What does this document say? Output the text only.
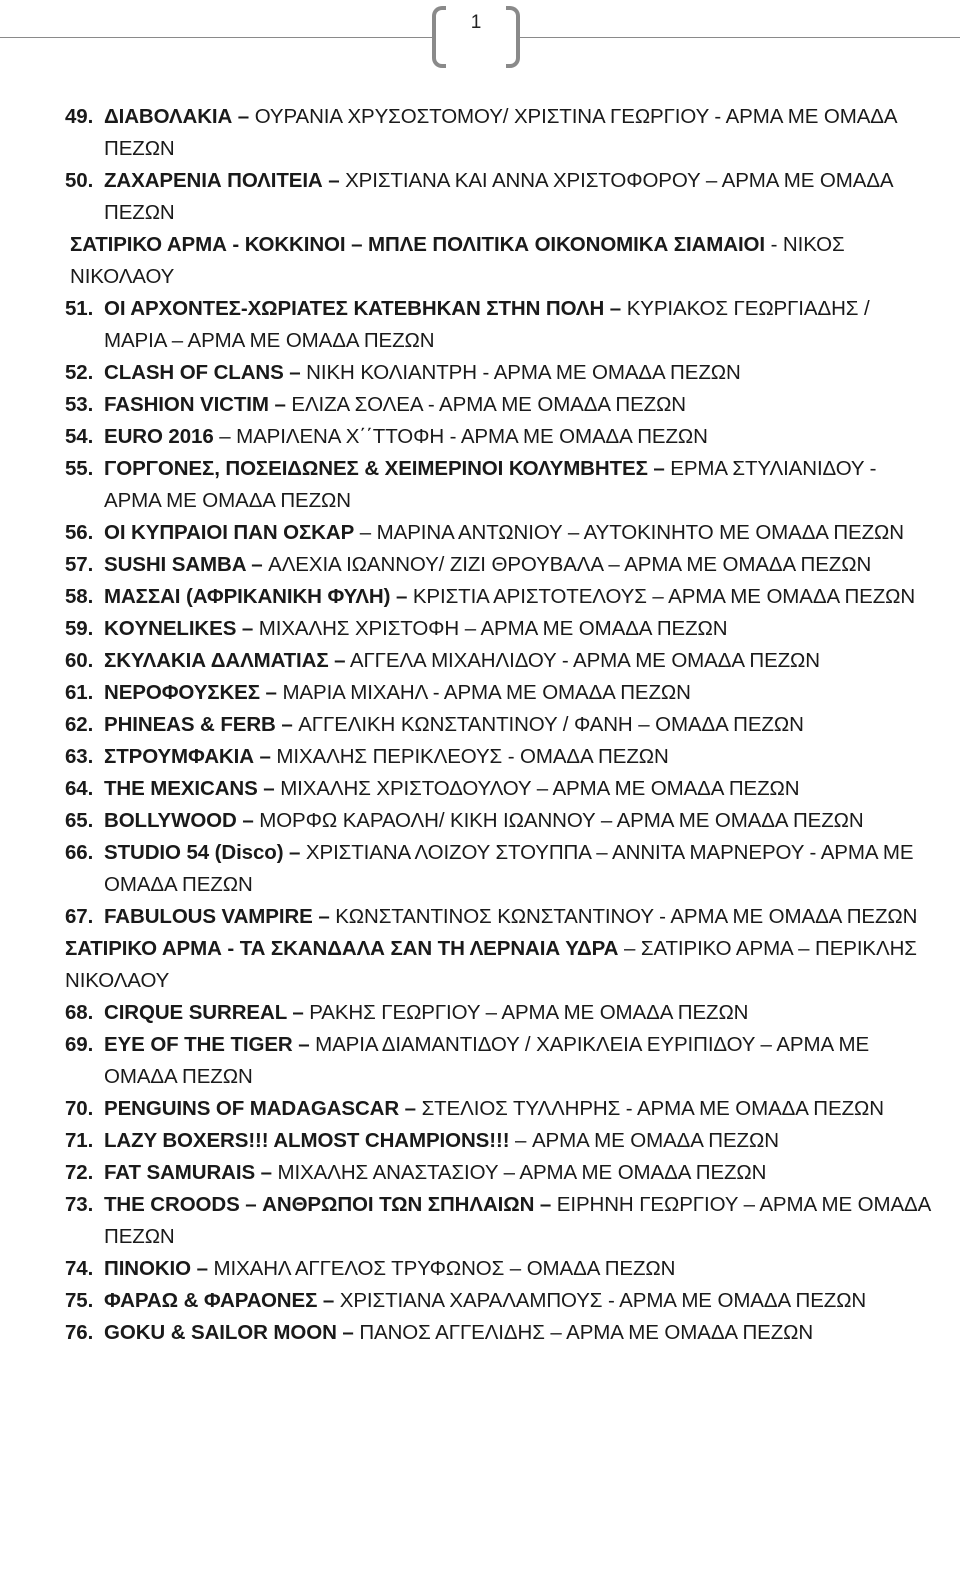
1
49. ΔΙΑΒΟΛΑΚΙΑ – ΟΥΡΑΝΙΑ ΧΡΥΣΟΣΤΟΜΟΥ/ ΧΡΙΣΤΙΝΑ ΓΕΩΡΓΙΟΥ - ΑΡΜΑ ΜΕ ΟΜΑΔΑ ΠΕΖΩΝ
50. ΖΑΧΑΡΕΝΙΑ ΠΟΛΙΤΕΙΑ – ΧΡΙΣΤΙΑΝΑ ΚΑΙ ΑΝΝΑ ΧΡΙΣΤΟΦΟΡΟΥ – ΑΡΜΑ ΜΕ ΟΜΑΔΑ ΠΕΖΩΝ
ΣΑΤΙΡΙΚΟ ΑΡΜΑ - ΚΟΚΚΙΝΟΙ – ΜΠΛΕ ΠΟΛΙΤΙΚΑ ΟΙΚΟΝΟΜΙΚΑ ΣΙΑΜΑΙΟΙ - ΝΙΚΟΣ ΝΙΚΟΛΑΟΥ
51. ΟΙ ΑΡΧΟΝΤΕΣ-ΧΩΡΙΑΤΕΣ ΚΑΤΕΒΗΚΑΝ ΣΤΗΝ ΠΟΛΗ – ΚΥΡΙΑΚΟΣ ΓΕΩΡΓΙΑΔΗΣ / ΜΑΡΙΑ – ΑΡΜΑ ΜΕ ΟΜΑΔΑ ΠΕΖΩΝ
52. CLASH OF CLANS – ΝΙΚΗ ΚΟΛΙΑΝΤΡΗ - ΑΡΜΑ ΜΕ ΟΜΑΔΑ ΠΕΖΩΝ
53. FASHION VICTIM – ΕΛΙΖΑ ΣΟΛΕΑ - ΑΡΜΑ ΜΕ ΟΜΑΔΑ ΠΕΖΩΝ
54. EURO 2016 – ΜΑΡΙΛΕΝΑ Χ΄΄ΤΤΟΦΗ - ΑΡΜΑ ΜΕ ΟΜΑΔΑ ΠΕΖΩΝ
55. ΓΟΡΓΟΝΕΣ, ΠΟΣΕΙΔΩΝΕΣ & ΧΕΙΜΕΡΙΝΟΙ ΚΟΛΥΜΒΗΤΕΣ – ΕΡΜΑ ΣΤΥΛΙΑΝΙΔΟΥ - ΑΡΜΑ ΜΕ ΟΜΑΔΑ ΠΕΖΩΝ
56. ΟΙ ΚΥΠΡΑΙΟΙ ΠΑΝ ΟΣΚΑΡ – ΜΑΡΙΝΑ ΑΝΤΩΝΙΟΥ – ΑΥΤΟΚΙΝΗΤΟ ΜΕ ΟΜΑΔΑ ΠΕΖΩΝ
57. SUSHI SAMBA – ΑΛΕΧΙΑ ΙΩΑΝΝΟΥ/ ΖΙΖΙ ΘΡΟΥΒΑΛΑ – ΑΡΜΑ ΜΕ ΟΜΑΔΑ ΠΕΖΩΝ
58. ΜΑΣΣΑΙ (ΑΦΡΙΚΑΝΙΚΗ ΦΥΛΗ) – ΚΡΙΣΤΙΑ ΑΡΙΣΤΟΤΕΛΟΥΣ – ΑΡΜΑ ΜΕ ΟΜΑΔΑ ΠΕΖΩΝ
59. KOYNELIKES – ΜΙΧΑΛΗΣ ΧΡΙΣΤΟΦΗ – ΑΡΜΑ ΜΕ ΟΜΑΔΑ ΠΕΖΩΝ
60. ΣΚΥΛΑΚΙΑ ΔΑΛΜΑΤΙΑΣ – ΑΓΓΕΛΑ ΜΙΧΑΗΛΙΔΟΥ - ΑΡΜΑ ΜΕ ΟΜΑΔΑ ΠΕΖΩΝ
61. ΝΕΡΟΦΟΥΣΚΕΣ – ΜΑΡΙΑ ΜΙΧΑΗΛ - ΑΡΜΑ ΜΕ ΟΜΑΔΑ ΠΕΖΩΝ
62. PHINEAS & FERB – ΑΓΓΕΛΙΚΗ ΚΩΝΣΤΑΝΤΙΝΟΥ / ΦΑΝΗ – ΟΜΑΔΑ ΠΕΖΩΝ
63. ΣΤΡΟΥΜΦΑΚΙΑ – ΜΙΧΑΛΗΣ ΠΕΡΙΚΛΕΟΥΣ - ΟΜΑΔΑ ΠΕΖΩΝ
64. THE MEXICANS – ΜΙΧΑΛΗΣ ΧΡΙΣΤΟΔΟΥΛΟΥ – ΑΡΜΑ ΜΕ ΟΜΑΔΑ ΠΕΖΩΝ
65. BOLLYWOOD – ΜΟΡΦΩ ΚΑΡΑΟΛΗ/ ΚΙΚΗ ΙΩΑΝΝΟΥ – ΑΡΜΑ ΜΕ ΟΜΑΔΑ ΠΕΖΩΝ
66. STUDIO 54 (Disco) – ΧΡΙΣΤΙΑΝΑ ΛΟΙΖΟΥ ΣΤΟΥΠΠΑ – ΑΝΝΙΤΑ ΜΑΡΝΕΡΟΥ - ΑΡΜΑ ΜΕ ΟΜΑΔΑ ΠΕΖΩΝ
67. FABULOUS VAMPIRE – ΚΩΝΣΤΑΝΤΙΝΟΣ ΚΩΝΣΤΑΝΤΙΝΟΥ - ΑΡΜΑ ΜΕ ΟΜΑΔΑ ΠΕΖΩΝ
ΣΑΤΙΡΙΚΟ ΑΡΜΑ - ΤΑ ΣΚΑΝΔΑΛΑ ΣΑΝ ΤΗ ΛΕΡΝΑΙΑ ΥΔΡΑ – ΣΑΤΙΡΙΚΟ ΑΡΜΑ – ΠΕΡΙΚΛΗΣ ΝΙΚΟΛΑΟΥ
68. CIRQUE SURREAL – ΡΑΚΗΣ ΓΕΩΡΓΙΟΥ – ΑΡΜΑ ΜΕ ΟΜΑΔΑ ΠΕΖΩΝ
69. EYE OF THE TIGER – ΜΑΡΙΑ ΔΙΑΜΑΝΤΙΔΟΥ / ΧΑΡΙΚΛΕΙΑ ΕΥΡΙΠΙΔΟΥ – ΑΡΜΑ ΜΕ ΟΜΑΔΑ ΠΕΖΩΝ
70. PENGUINS OF MADAGASCAR – ΣΤΕΛΙΟΣ ΤΥΛΛΗΡΗΣ - ΑΡΜΑ ΜΕ ΟΜΑΔΑ ΠΕΖΩΝ
71. LAZY BOXERS!!! ALMOST CHAMPIONS!!! – ΑΡΜΑ ΜΕ ΟΜΑΔΑ ΠΕΖΩΝ
72. FAT SAMURAIS – ΜΙΧΑΛΗΣ ΑΝΑΣΤΑΣΙΟΥ – ΑΡΜΑ ΜΕ ΟΜΑΔΑ ΠΕΖΩΝ
73. THE CROODS – ΑΝΘΡΩΠΟΙ ΤΩΝ ΣΠΗΛΑΙΩΝ – ΕΙΡΗΝΗ ΓΕΩΡΓΙΟΥ – ΑΡΜΑ ΜΕ ΟΜΑΔΑ ΠΕΖΩΝ
74. ΠΙΝΟΚΙΟ – ΜΙΧΑΗΛ ΑΓΓΕΛΟΣ ΤΡΥΦΩΝΟΣ – ΟΜΑΔΑ ΠΕΖΩΝ
75. ΦΑΡΑΩ & ΦΑΡΑΟΝΕΣ – ΧΡΙΣΤΙΑΝΑ ΧΑΡΑΛΑΜΠΟΥΣ - ΑΡΜΑ ΜΕ ΟΜΑΔΑ ΠΕΖΩΝ
76. GOKU & SAILOR MOON – ΠΑΝΟΣ ΑΓΓΕΛΙΔΗΣ – ΑΡΜΑ ΜΕ ΟΜΑΔΑ ΠΕΖΩΝ
